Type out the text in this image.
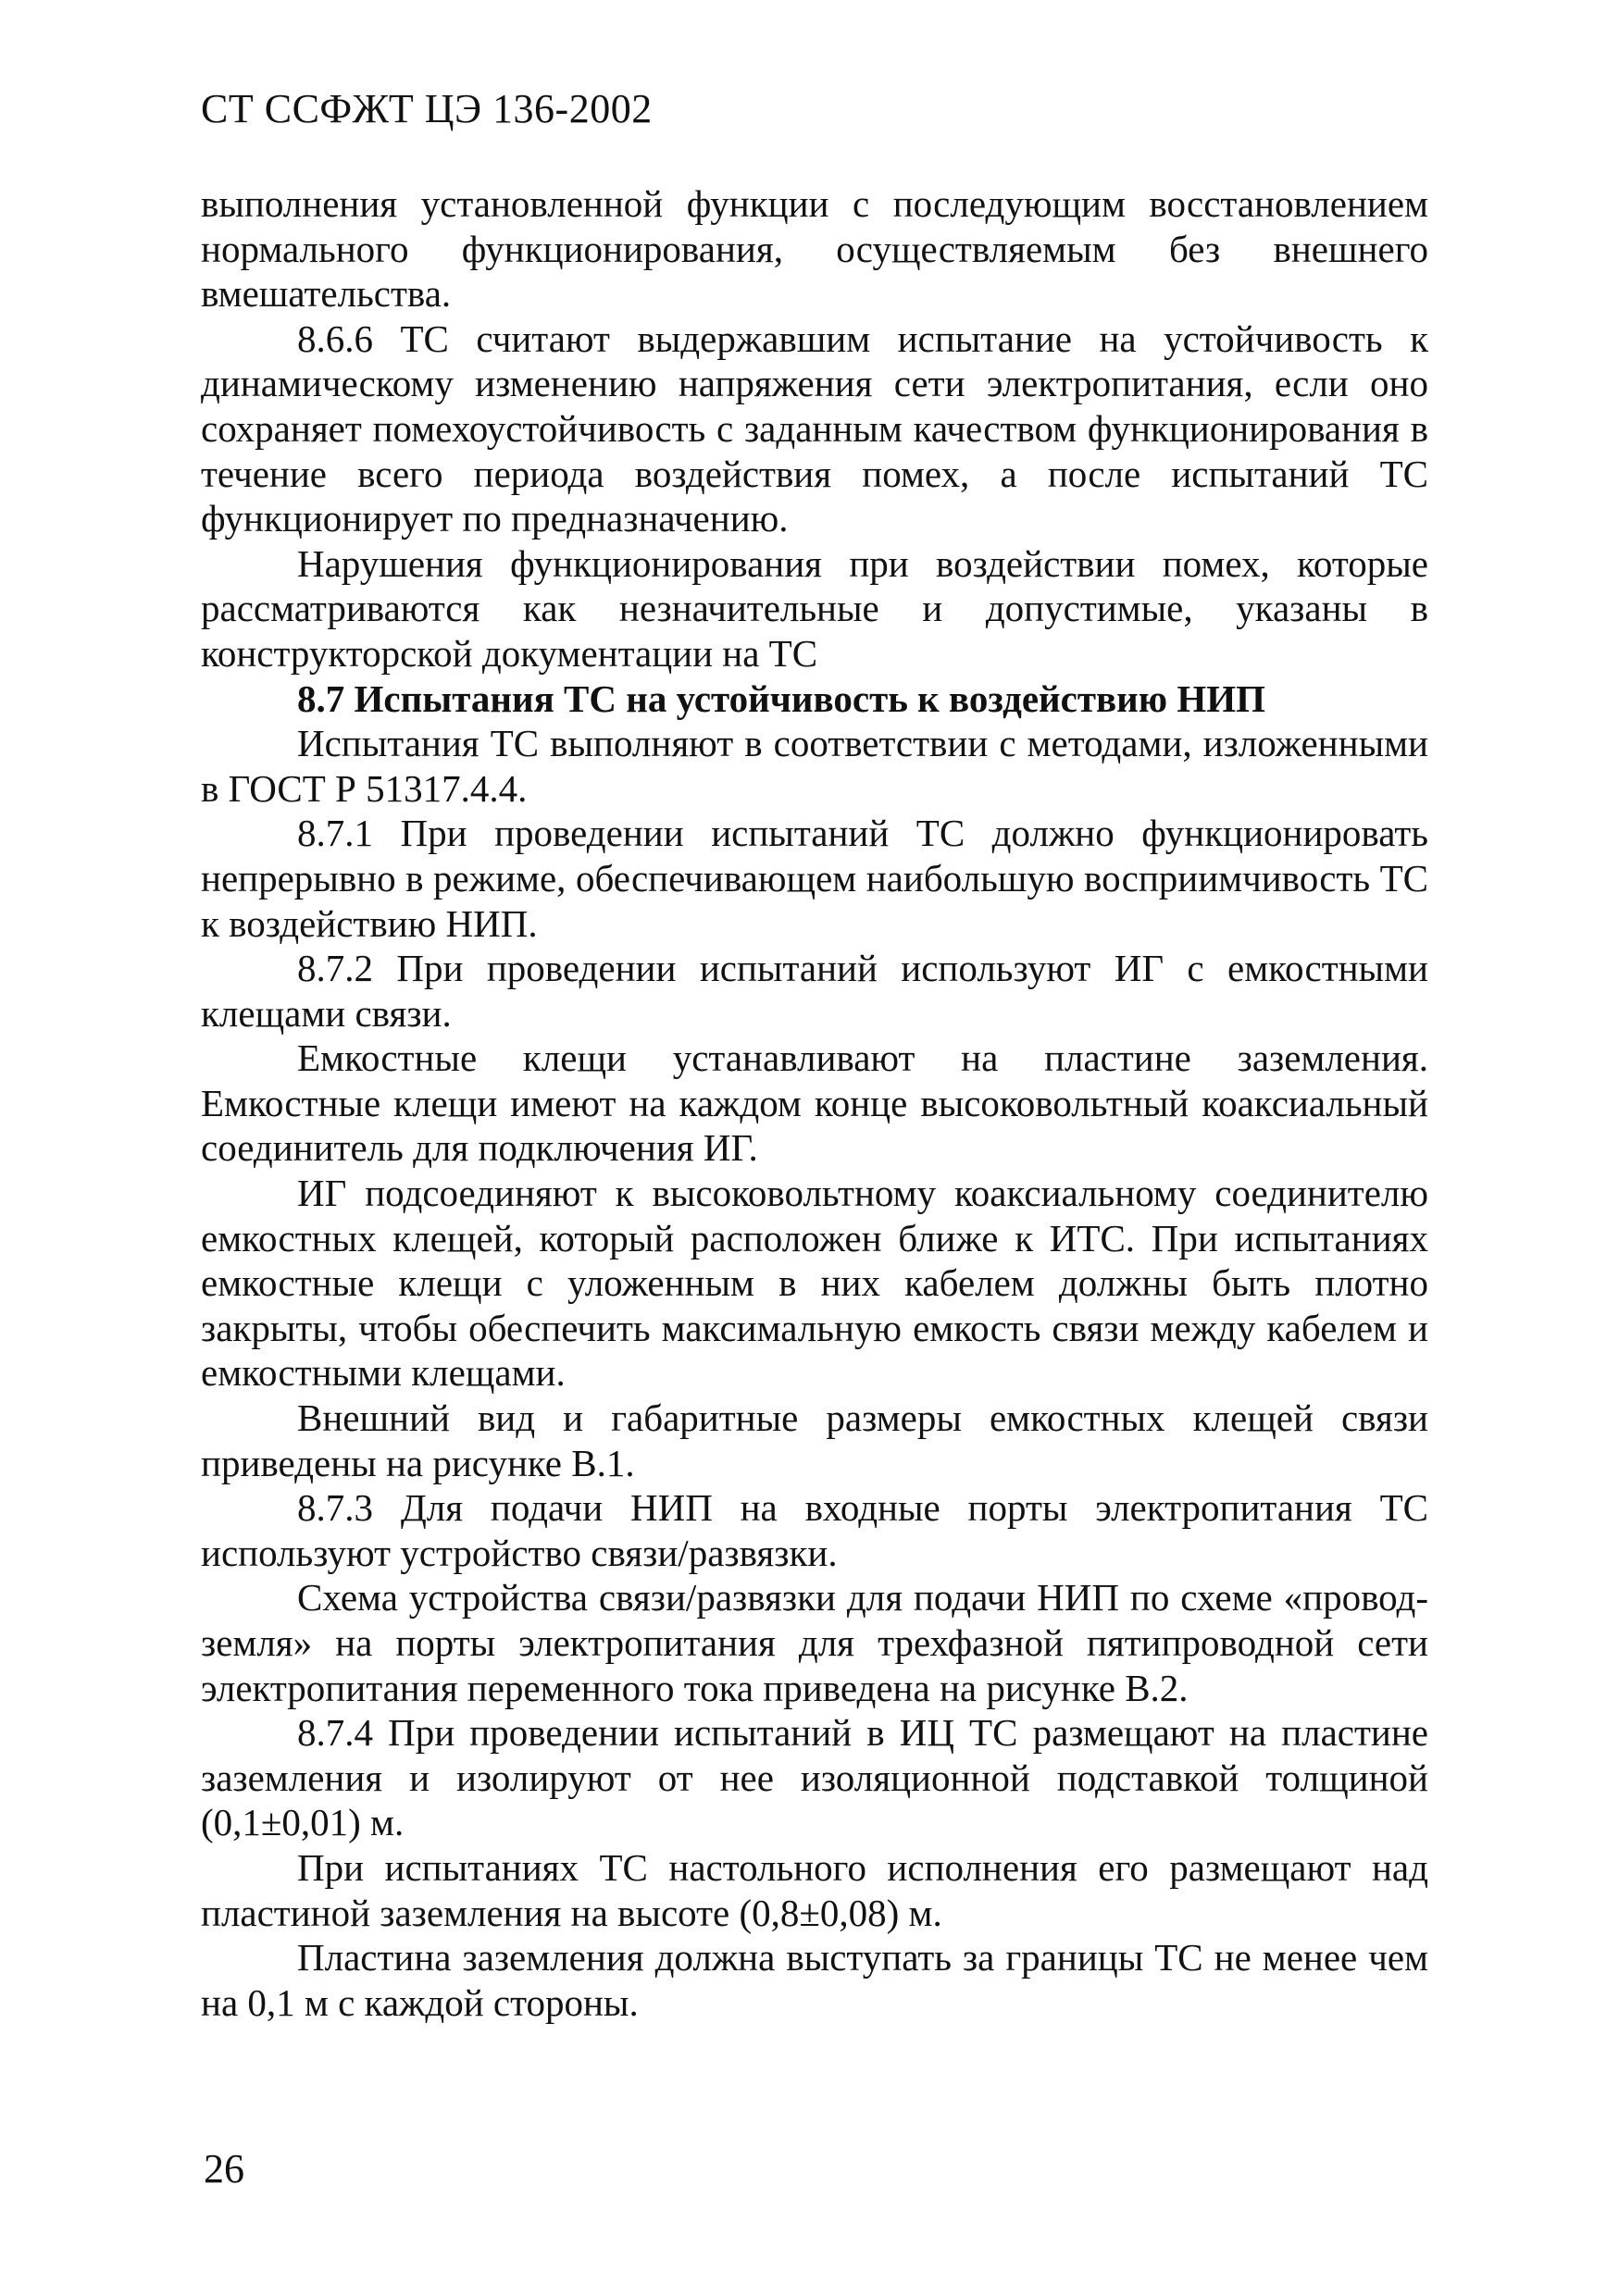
СТ ССФЖТ ЦЭ 136-2002

выполнения установленной функции с последующим восстановлением нормального функционирования, осуществляемым без внешнего вмешательства.

8.6.6 ТС считают выдержавшим испытание на устойчивость к динамическому изменению напряжения сети электропитания, если оно сохраняет помехоустойчивость с заданным качеством функционирования в течение всего периода воздействия помех, а после испытаний ТС функционирует по предназначению.

Нарушения функционирования при воздействии помех, которые рассматриваются как незначительные и допустимые, указаны в конструкторской документации на ТС

8.7 Испытания ТС на устойчивость к воздействию НИП

Испытания ТС выполняют в соответствии с методами, изложенными в ГОСТ Р 51317.4.4.

8.7.1 При проведении испытаний ТС должно функционировать непрерывно в режиме, обеспечивающем наибольшую восприимчивость ТС к воздействию НИП.

8.7.2 При проведении испытаний используют ИГ с емкостными клещами связи.

Емкостные клещи устанавливают на пластине заземления. Емкостные клещи имеют на каждом конце высоковольтный коаксиальный соединитель для подключения ИГ.

ИГ подсоединяют к высоковольтному коаксиальному соединителю емкостных клещей, который расположен ближе к ИТС. При испытаниях емкостные клещи с уложенным в них кабелем должны быть плотно закрыты, чтобы обеспечить максимальную емкость связи между кабелем и емкостными клещами.

Внешний вид и габаритные размеры емкостных клещей связи приведены на рисунке В.1.

8.7.3 Для подачи НИП на входные порты электропитания ТС используют устройство связи/развязки.

Схема устройства связи/развязки для подачи НИП по схеме «провод-земля» на порты электропитания для трехфазной пятипроводной сети электропитания переменного тока приведена на рисунке В.2.

8.7.4 При проведении испытаний в ИЦ ТС размещают на пластине заземления и изолируют от нее изоляционной подставкой толщиной (0,1±0,01) м.

При испытаниях ТС настольного исполнения его размещают над пластиной заземления на высоте (0,8±0,08) м.

Пластина заземления должна выступать за границы ТС не менее чем на 0,1 м с каждой стороны.

26
